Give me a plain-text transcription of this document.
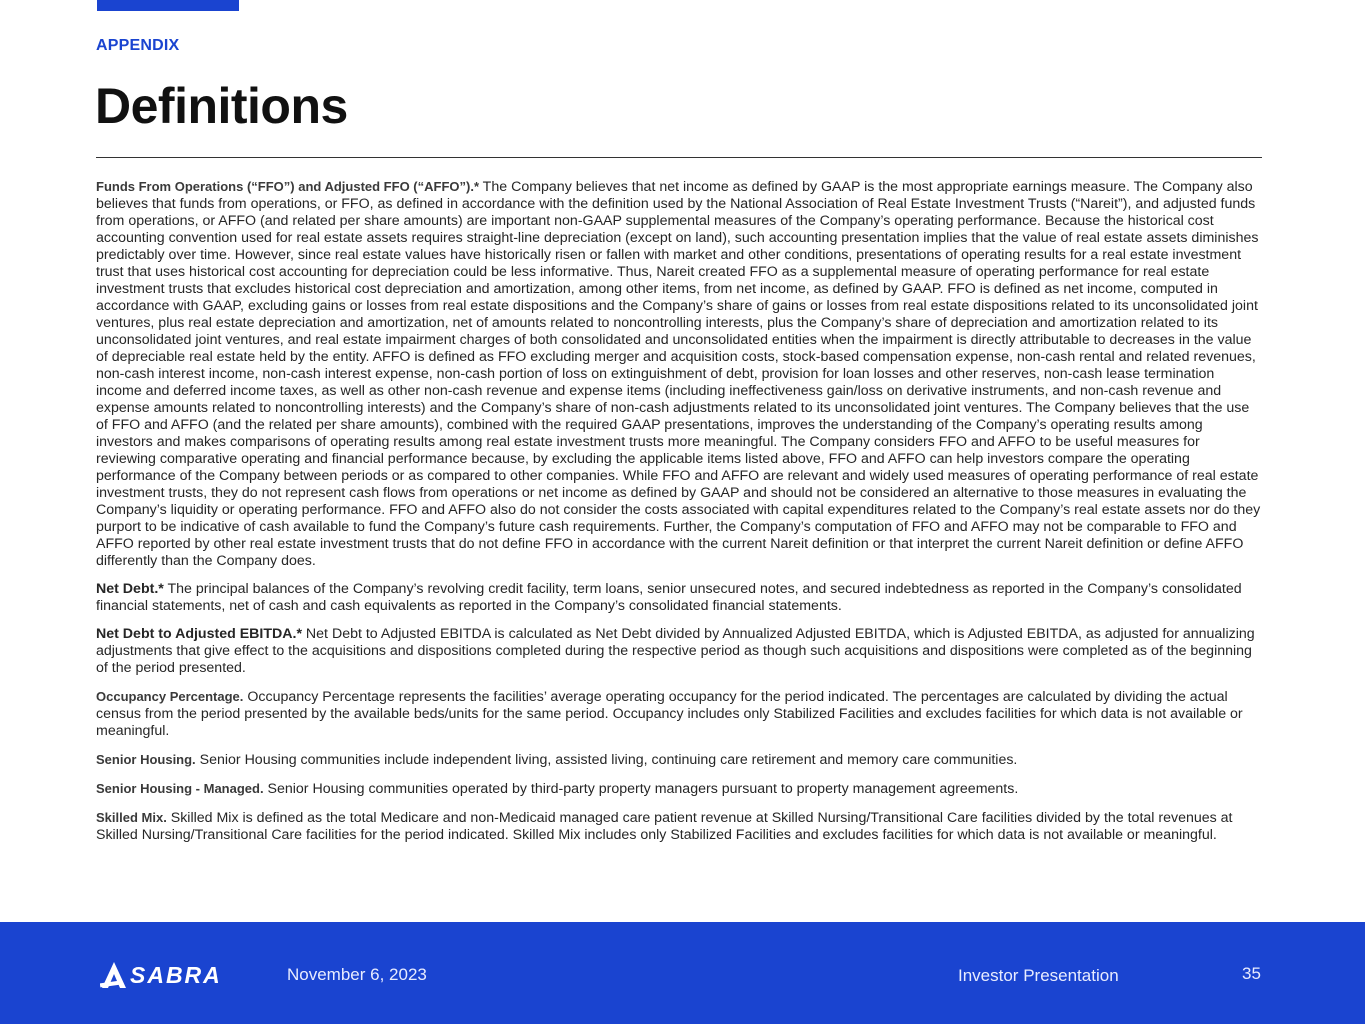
APPENDIX
Definitions

Funds From Operations (“FFO”) and Adjusted FFO (“AFFO”).* The Company believes that net income as defined by GAAP is the most appropriate earnings measure. The Company also believes that funds from operations, or FFO, as defined in accordance with the definition used by the National Association of Real Estate Investment Trusts (“Nareit”), and adjusted funds from operations, or AFFO (and related per share amounts) are important non-GAAP supplemental measures of the Company’s operating performance. Because the historical cost accounting convention used for real estate assets requires straight-line depreciation (except on land), such accounting presentation implies that the value of real estate assets diminishes predictably over time. However, since real estate values have historically risen or fallen with market and other conditions, presentations of operating results for a real estate investment trust that uses historical cost accounting for depreciation could be less informative. Thus, Nareit created FFO as a supplemental measure of operating performance for real estate investment trusts that excludes historical cost depreciation and amortization, among other items, from net income, as defined by GAAP. FFO is defined as net income, computed in accordance with GAAP, excluding gains or losses from real estate dispositions and the Company’s share of gains or losses from real estate dispositions related to its unconsolidated joint ventures, plus real estate depreciation and amortization, net of amounts related to noncontrolling interests, plus the Company’s share of depreciation and amortization related to its unconsolidated joint ventures, and real estate impairment charges of both consolidated and unconsolidated entities when the impairment is directly attributable to decreases in the value of depreciable real estate held by the entity. AFFO is defined as FFO excluding merger and acquisition costs, stock-based compensation expense, non-cash rental and related revenues, non-cash interest income, non-cash interest expense, non-cash portion of loss on extinguishment of debt, provision for loan losses and other reserves, non-cash lease termination income and deferred income taxes, as well as other non-cash revenue and expense items (including ineffectiveness gain/loss on derivative instruments, and non-cash revenue and expense amounts related to noncontrolling interests) and the Company’s share of non-cash adjustments related to its unconsolidated joint ventures. The Company believes that the use of FFO and AFFO (and the related per share amounts), combined with the required GAAP presentations, improves the understanding of the Company’s operating results among investors and makes comparisons of operating results among real estate investment trusts more meaningful. The Company considers FFO and AFFO to be useful measures for reviewing comparative operating and financial performance because, by excluding the applicable items listed above, FFO and AFFO can help investors compare the operating performance of the Company between periods or as compared to other companies. While FFO and AFFO are relevant and widely used measures of operating performance of real estate investment trusts, they do not represent cash flows from operations or net income as defined by GAAP and should not be considered an alternative to those measures in evaluating the Company’s liquidity or operating performance. FFO and AFFO also do not consider the costs associated with capital expenditures related to the Company’s real estate assets nor do they purport to be indicative of cash available to fund the Company’s future cash requirements. Further, the Company’s computation of FFO and AFFO may not be comparable to FFO and AFFO reported by other real estate investment trusts that do not define FFO in accordance with the current Nareit definition or that interpret the current Nareit definition or define AFFO differently than the Company does.

Net Debt.* The principal balances of the Company’s revolving credit facility, term loans, senior unsecured notes, and secured indebtedness as reported in the Company’s consolidated financial statements, net of cash and cash equivalents as reported in the Company’s consolidated financial statements.

Net Debt to Adjusted EBITDA.* Net Debt to Adjusted EBITDA is calculated as Net Debt divided by Annualized Adjusted EBITDA, which is Adjusted EBITDA, as adjusted for annualizing adjustments that give effect to the acquisitions and dispositions completed during the respective period as though such acquisitions and dispositions were completed as of the beginning of the period presented.

Occupancy Percentage. Occupancy Percentage represents the facilities’ average operating occupancy for the period indicated. The percentages are calculated by dividing the actual census from the period presented by the available beds/units for the same period. Occupancy includes only Stabilized Facilities and excludes facilities for which data is not available or meaningful.

Senior Housing. Senior Housing communities include independent living, assisted living, continuing care retirement and memory care communities.

Senior Housing - Managed. Senior Housing communities operated by third-party property managers pursuant to property management agreements.

Skilled Mix. Skilled Mix is defined as the total Medicare and non-Medicaid managed care patient revenue at Skilled Nursing/Transitional Care facilities divided by the total revenues at Skilled Nursing/Transitional Care facilities for the period indicated. Skilled Mix includes only Stabilized Facilities and excludes facilities for which data is not available or meaningful.

SABRA	November 6, 2023	Investor Presentation	35
